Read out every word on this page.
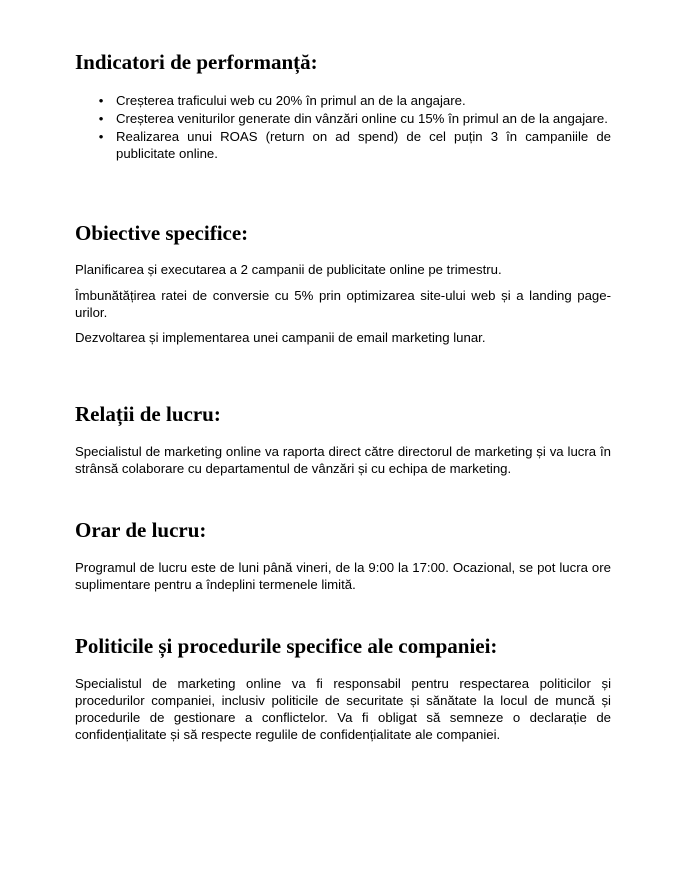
Indicatori de performanță:
• Creșterea traficului web cu 20% în primul an de la angajare.
• Creșterea veniturilor generate din vânzări online cu 15% în primul an de la angajare.
• Realizarea unui ROAS (return on ad spend) de cel puțin 3 în campaniile de publicitate online.
Obiective specifice:

Planificarea și executarea a 2 campanii de publicitate online pe trimestru.

Îmbunătățirea ratei de conversie cu 5% prin optimizarea site-ului web și a landing page-urilor.

Dezvoltarea și implementarea unei campanii de email marketing lunar.

Relații de lucru:

Specialistul de marketing online va raporta direct către directorul de marketing și va lucra în strânsă colaborare cu departamentul de vânzări și cu echipa de marketing.

Orar de lucru:

Programul de lucru este de luni până vineri, de la 9:00 la 17:00. Ocazional, se pot lucra ore suplimentare pentru a îndeplini termenele limită.

Politicile și procedurile specifice ale companiei:

Specialistul de marketing online va fi responsabil pentru respectarea politicilor și procedurilor companiei, inclusiv politicile de securitate și sănătate la locul de muncă și procedurile de gestionare a conflictelor. Va fi obligat să semneze o declarație de confidențialitate și să respecte regulile de confidențialitate ale companiei.
